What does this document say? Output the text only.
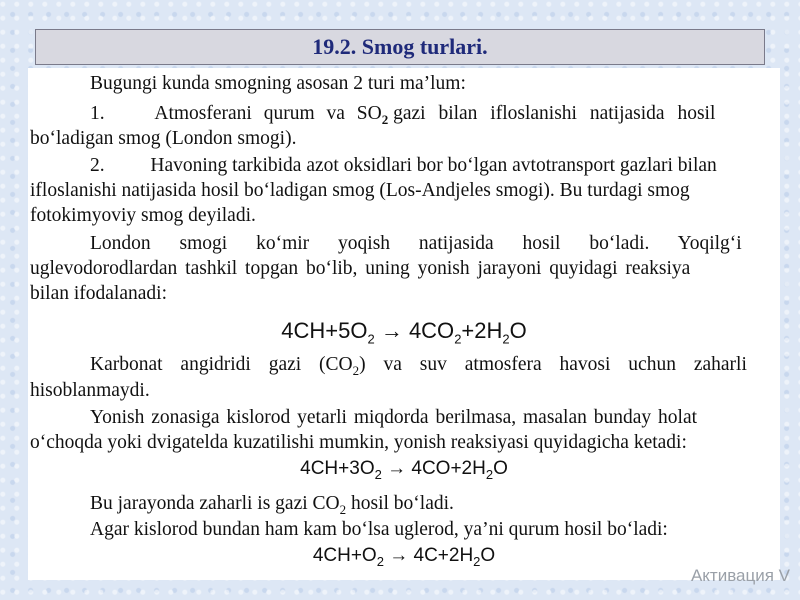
19.2. Smog turlari.
Bugungi kunda smogning asosan 2 turi ma’lum:
1.	Atmosferani qurum va $SO_2$ gazi bilan ifloslanishi natijasida hosil
bo‘ladigan smog (London smogi).
2. Havoning tarkibida azot oksidlari bor bo‘lgan avtotransport gazlari bilan
ifloslanishi natijasida hosil bo‘ladigan smog (Los-Andjeles smogi). Bu turdagi smog
fotokimyoviy smog deyiladi.
London smogi ko‘mir yoqish natijasida hosil bo‘ladi. Yoqilg‘i
uglevodorodlardan tashkil topgan bo‘lib, uning yonish jarayoni quyidagi reaksiya
bilan ifodalanadi:
$4CH+5O_2 \to 4CO_2+2H_2O$
Karbonat angidridi gazi $(CO_2)$ va suv atmosfera havosi uchun zaharli
hisoblanmaydi.
Yonish zonasiga kislorod yetarli miqdorda berilmasa, masalan bunday holat
o‘choqda yoki dvigatelda kuzatilishi mumkin, yonish reaksiyasi quyidagicha ketadi:
$4CH+3O_2 \to 4CO+2H_2O$
Bu jarayonda zaharli is gazi $CO_2$ hosil bo‘ladi.
Agar kislorod bundan ham kam bo‘lsa uglerod, ya’ni qurum hosil bo‘ladi:
$4CH+O_2 \to 4C+2H_2O$
Активация V
